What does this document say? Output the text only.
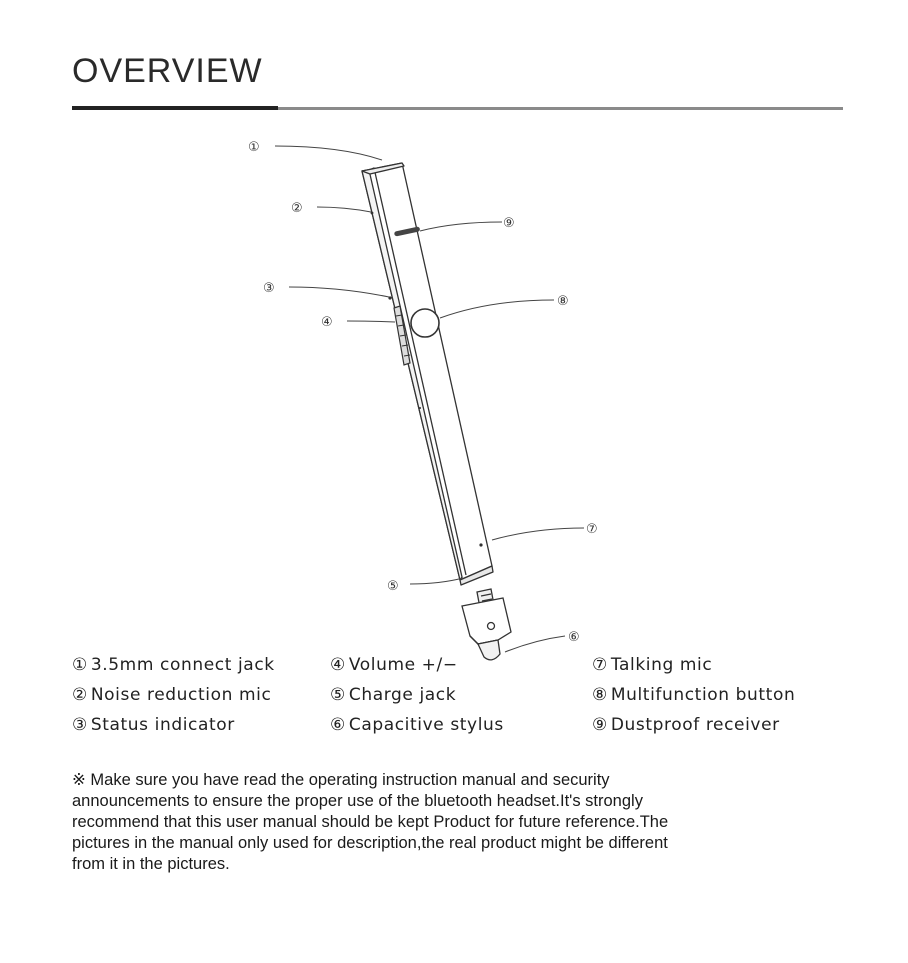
OVERVIEW
①
②
③
④
⑤
⑥
⑦
⑧
⑨
① 3.5mm connect jack
② Noise reduction mic
③ Status indicator
④ Volume +/−
⑤ Charge jack
⑥ Capacitive stylus
⑦ Talking mic
⑧ Multifunction button
⑨ Dustproof receiver

※ Make sure you have read the operating instruction manual and security

announcements to ensure the proper use of the bluetooth headset.It's strongly

recommend that this user manual should be kept Product for future reference.The

pictures in the manual only used for description,the real product might be different

from it in the pictures.
